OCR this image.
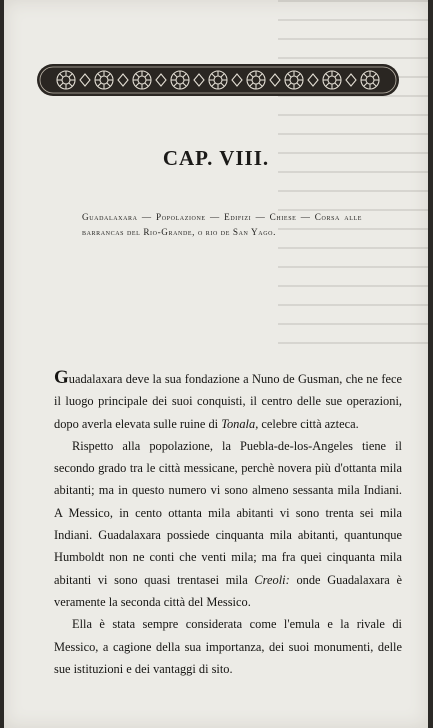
CAP. VIII.
Guadalaxara — Popolazione — Edifizi — Chiese — Corsa alle barrancas del Rio-Grande, o rio de San Yago.

Guadalaxara deve la sua fondazione a Nuno de Gusman, che ne fece il luogo principale dei suoi conquisti, il centro delle sue operazioni, dopo averla elevata sulle ruine di Tonala, celebre città azteca.

Rispetto alla popolazione, la Puebla-de-los-Angeles tiene il secondo grado tra le città messicane, perchè novera più d'ottanta mila abitanti; ma in questo numero vi sono almeno sessanta mila Indiani. A Messico, in cento ottanta mila abitanti vi sono trenta sei mila Indiani. Guadalaxara possiede cinquanta mila abitanti, quantunque Humboldt non ne conti che venti mila; ma fra quei cinquanta mila abitanti vi sono quasi trentasei mila Creoli: onde Guadalaxara è veramente la seconda città del Messico.

Ella è stata sempre considerata come l'emula e la rivale di Messico, a cagione della sua importanza, dei suoi monumenti, delle sue istituzioni e dei vantaggi di sito.
